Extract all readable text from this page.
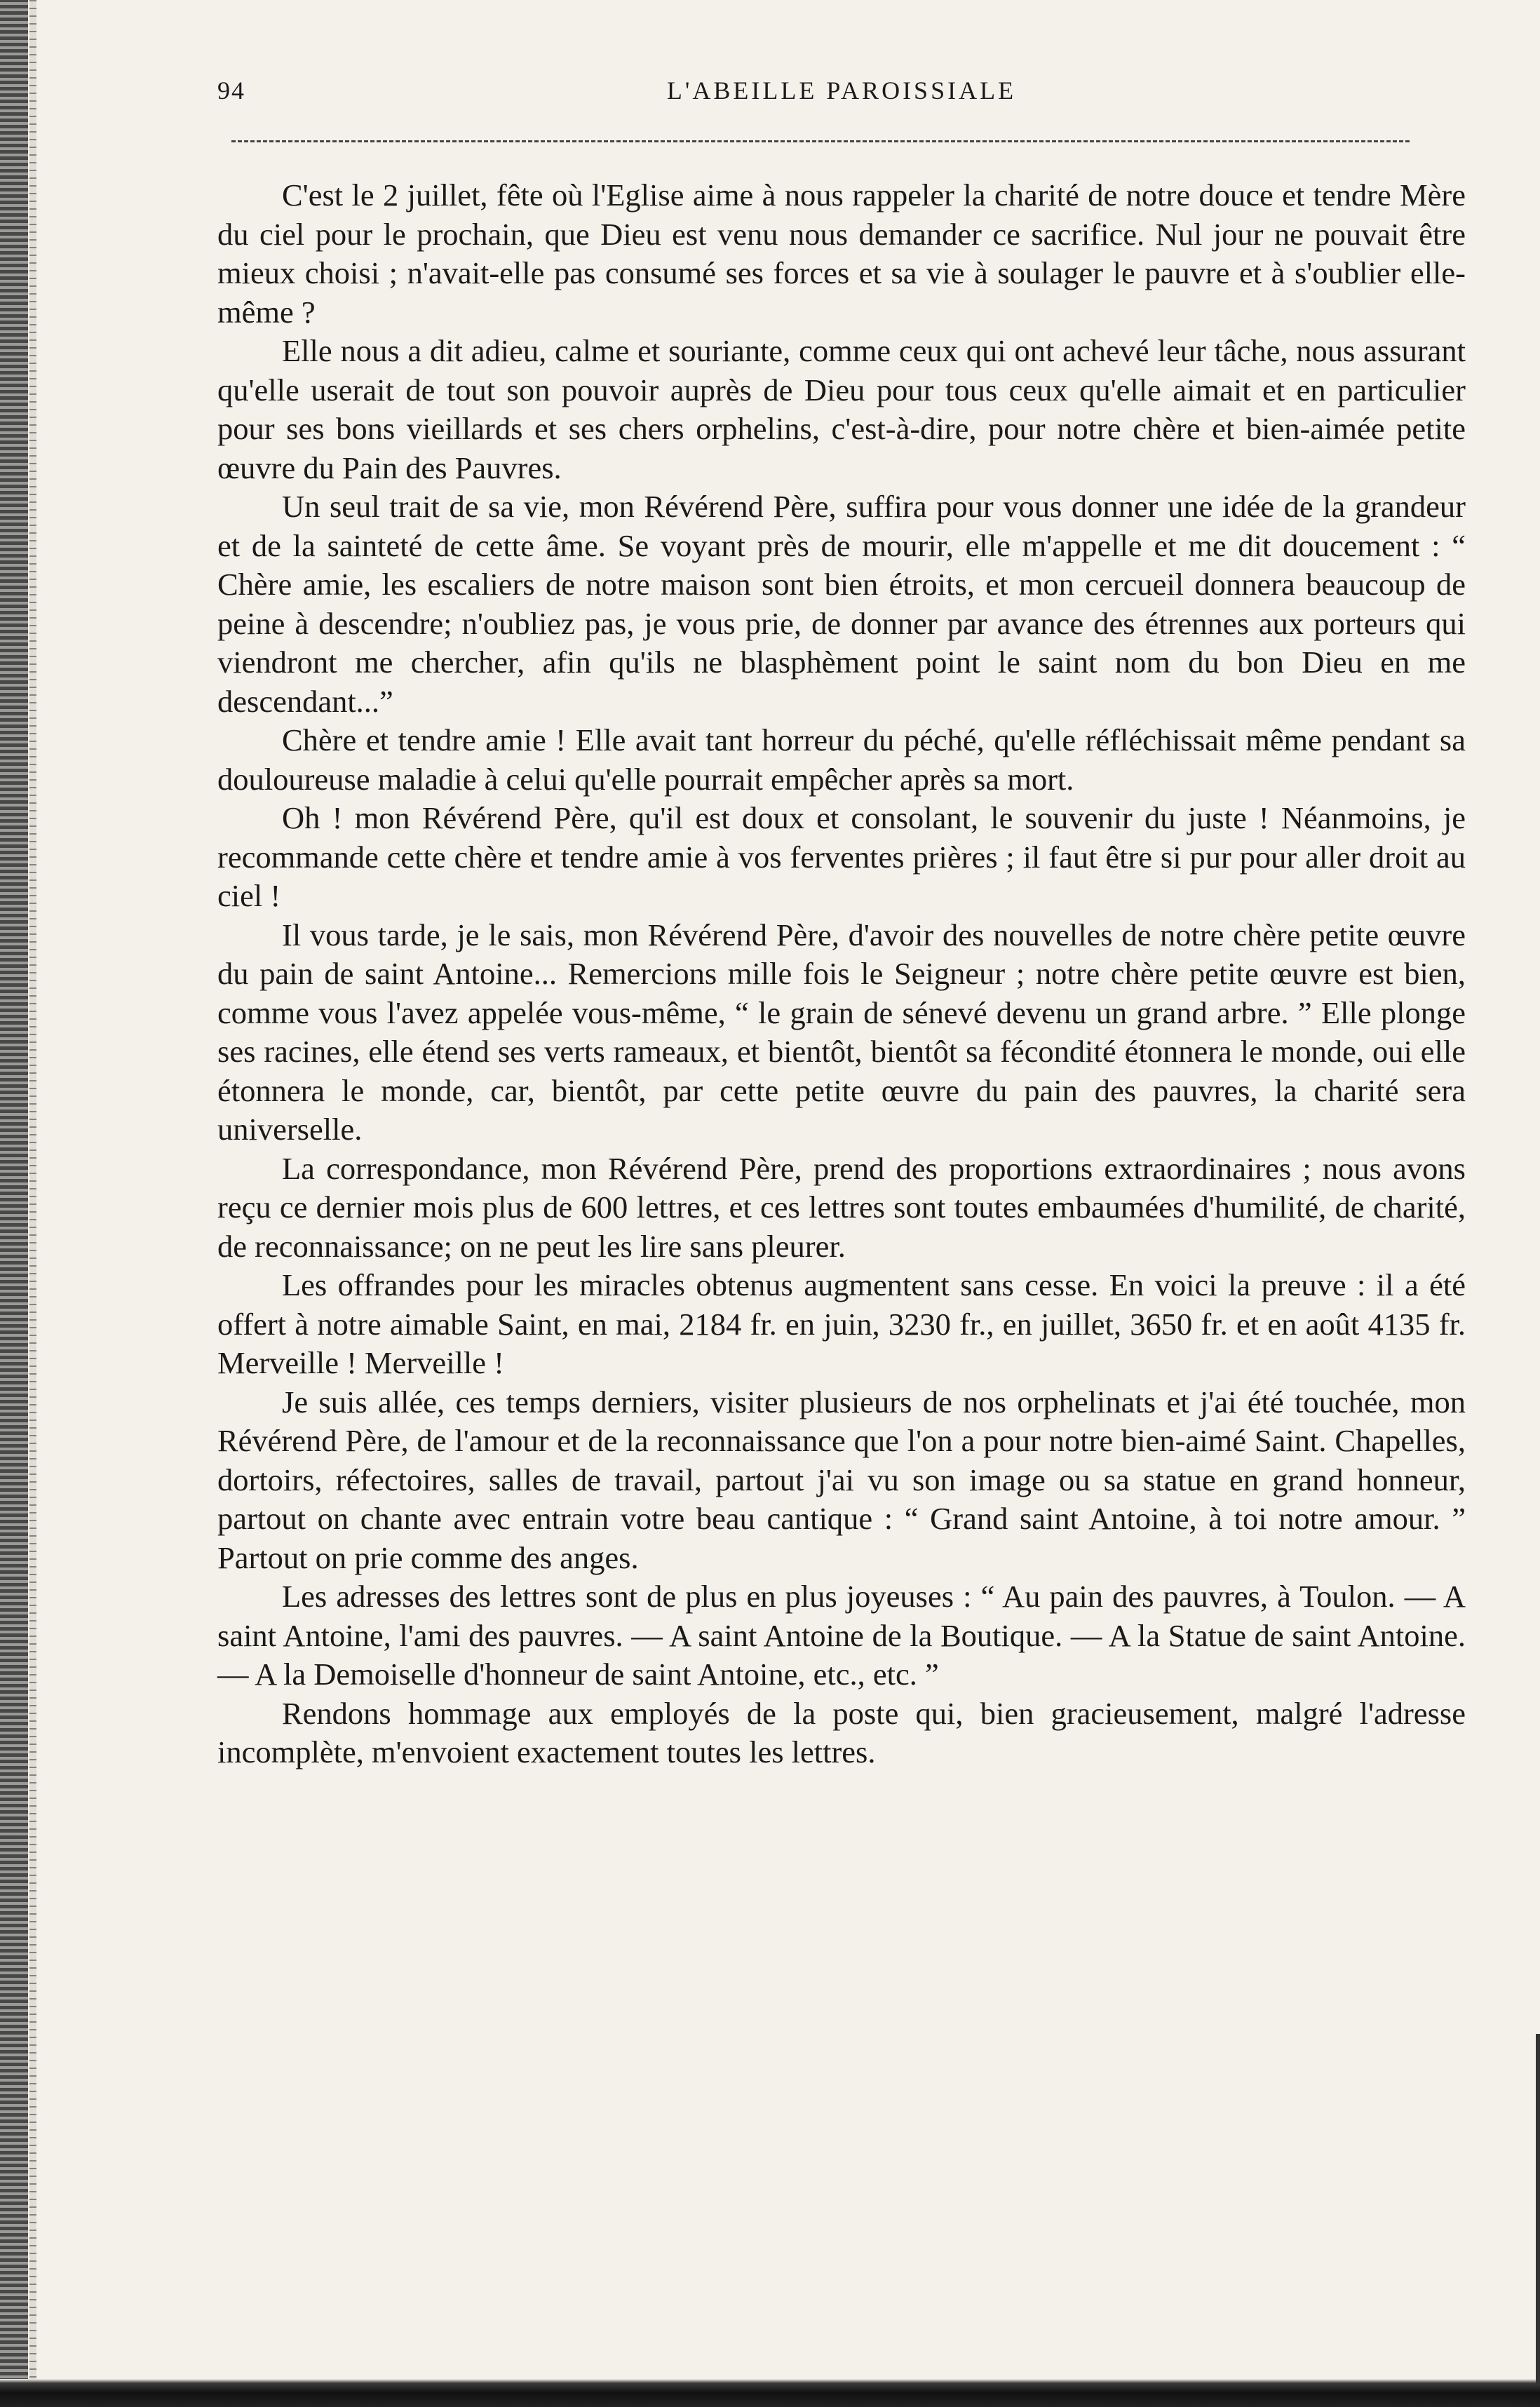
94	L'ABEILLE PAROISSIALE

C'est le 2 juillet, fête où l'Eglise aime à nous rappeler la charité de notre douce et tendre Mère du ciel pour le prochain, que Dieu est venu nous demander ce sacrifice. Nul jour ne pouvait être mieux choisi ; n'avait-elle pas consumé ses forces et sa vie à soulager le pauvre et à s'oublier elle-même ?

Elle nous a dit adieu, calme et souriante, comme ceux qui ont achevé leur tâche, nous assurant qu'elle userait de tout son pouvoir auprès de Dieu pour tous ceux qu'elle aimait et en particulier pour ses bons vieillards et ses chers orphelins, c'est-à-dire, pour notre chère et bien-aimée petite œuvre du Pain des Pauvres.

Un seul trait de sa vie, mon Révérend Père, suffira pour vous donner une idée de la grandeur et de la sainteté de cette âme. Se voyant près de mourir, elle m'appelle et me dit doucement : “ Chère amie, les escaliers de notre maison sont bien étroits, et mon cercueil donnera beaucoup de peine à descendre; n'oubliez pas, je vous prie, de donner par avance des étrennes aux porteurs qui viendront me chercher, afin qu'ils ne blasphèment point le saint nom du bon Dieu en me descendant...”

Chère et tendre amie ! Elle avait tant horreur du péché, qu'elle réfléchissait même pendant sa douloureuse maladie à celui qu'elle pourrait empêcher après sa mort.

Oh ! mon Révérend Père, qu'il est doux et consolant, le souvenir du juste ! Néanmoins, je recommande cette chère et tendre amie à vos ferventes prières ; il faut être si pur pour aller droit au ciel !

Il vous tarde, je le sais, mon Révérend Père, d'avoir des nouvelles de notre chère petite œuvre du pain de saint Antoine... Remercions mille fois le Seigneur ; notre chère petite œuvre est bien, comme vous l'avez appelée vous-même, “ le grain de sénevé devenu un grand arbre. ” Elle plonge ses racines, elle étend ses verts rameaux, et bientôt, bientôt sa fécondité étonnera le monde, oui elle étonnera le monde, car, bientôt, par cette petite œuvre du pain des pauvres, la charité sera universelle.

La correspondance, mon Révérend Père, prend des proportions extraordinaires ; nous avons reçu ce dernier mois plus de 600 lettres, et ces lettres sont toutes embaumées d'humilité, de charité, de reconnaissance; on ne peut les lire sans pleurer.

Les offrandes pour les miracles obtenus augmentent sans cesse. En voici la preuve : il a été offert à notre aimable Saint, en mai, 2184 fr. en juin, 3230 fr., en juillet, 3650 fr. et en août 4135 fr. Merveille ! Merveille !

Je suis allée, ces temps derniers, visiter plusieurs de nos orphelinats et j'ai été touchée, mon Révérend Père, de l'amour et de la reconnaissance que l'on a pour notre bien-aimé Saint. Chapelles, dortoirs, réfectoires, salles de travail, partout j'ai vu son image ou sa statue en grand honneur, partout on chante avec entrain votre beau cantique : “ Grand saint Antoine, à toi notre amour. ” Partout on prie comme des anges.

Les adresses des lettres sont de plus en plus joyeuses : “ Au pain des pauvres, à Toulon. — A saint Antoine, l'ami des pauvres. — A saint Antoine de la Boutique. — A la Statue de saint Antoine. — A la Demoiselle d'honneur de saint Antoine, etc., etc. ”

Rendons hommage aux employés de la poste qui, bien gracieusement, malgré l'adresse incomplète, m'envoient exactement toutes les lettres.
